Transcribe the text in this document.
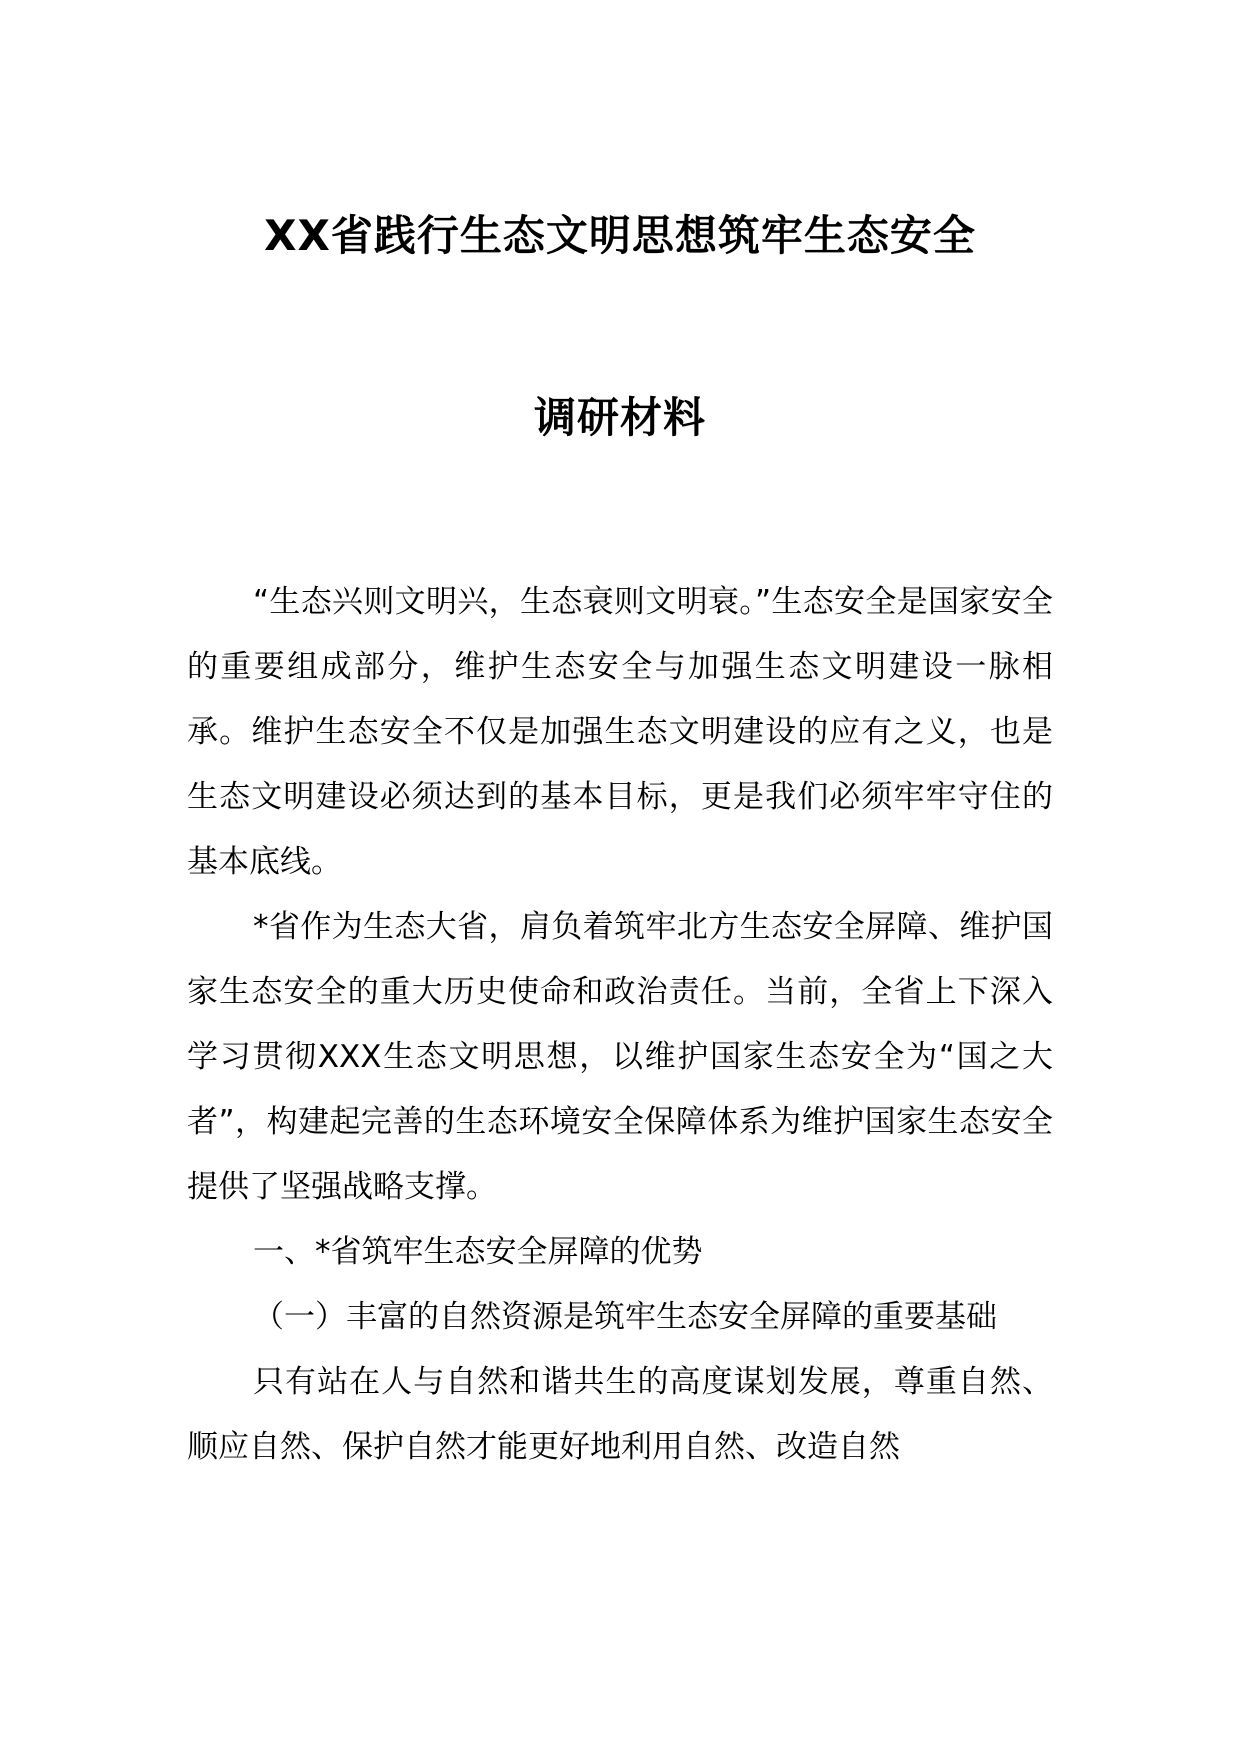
XX省践行生态文明思想筑牢生态安全
调研材料

“生态兴则文明兴，生态衰则文明衰。”生态安全是国家安全的重要组成部分，维护生态安全与加强生态文明建设一脉相承。维护生态安全不仅是加强生态文明建设的应有之义，也是生态文明建设必须达到的基本目标，更是我们必须牢牢守住的基本底线。

*省作为生态大省，肩负着筑牢北方生态安全屏障、维护国家生态安全的重大历史使命和政治责任。当前，全省上下深入学习贯彻XXX生态文明思想，以维护国家生态安全为“国之大者”，构建起完善的生态环境安全保障体系为维护国家生态安全提供了坚强战略支撑。

一、*省筑牢生态安全屏障的优势

（一）丰富的自然资源是筑牢生态安全屏障的重要基础

只有站在人与自然和谐共生的高度谋划发展，尊重自然、顺应自然、保护自然才能更好地利用自然、改造自然
